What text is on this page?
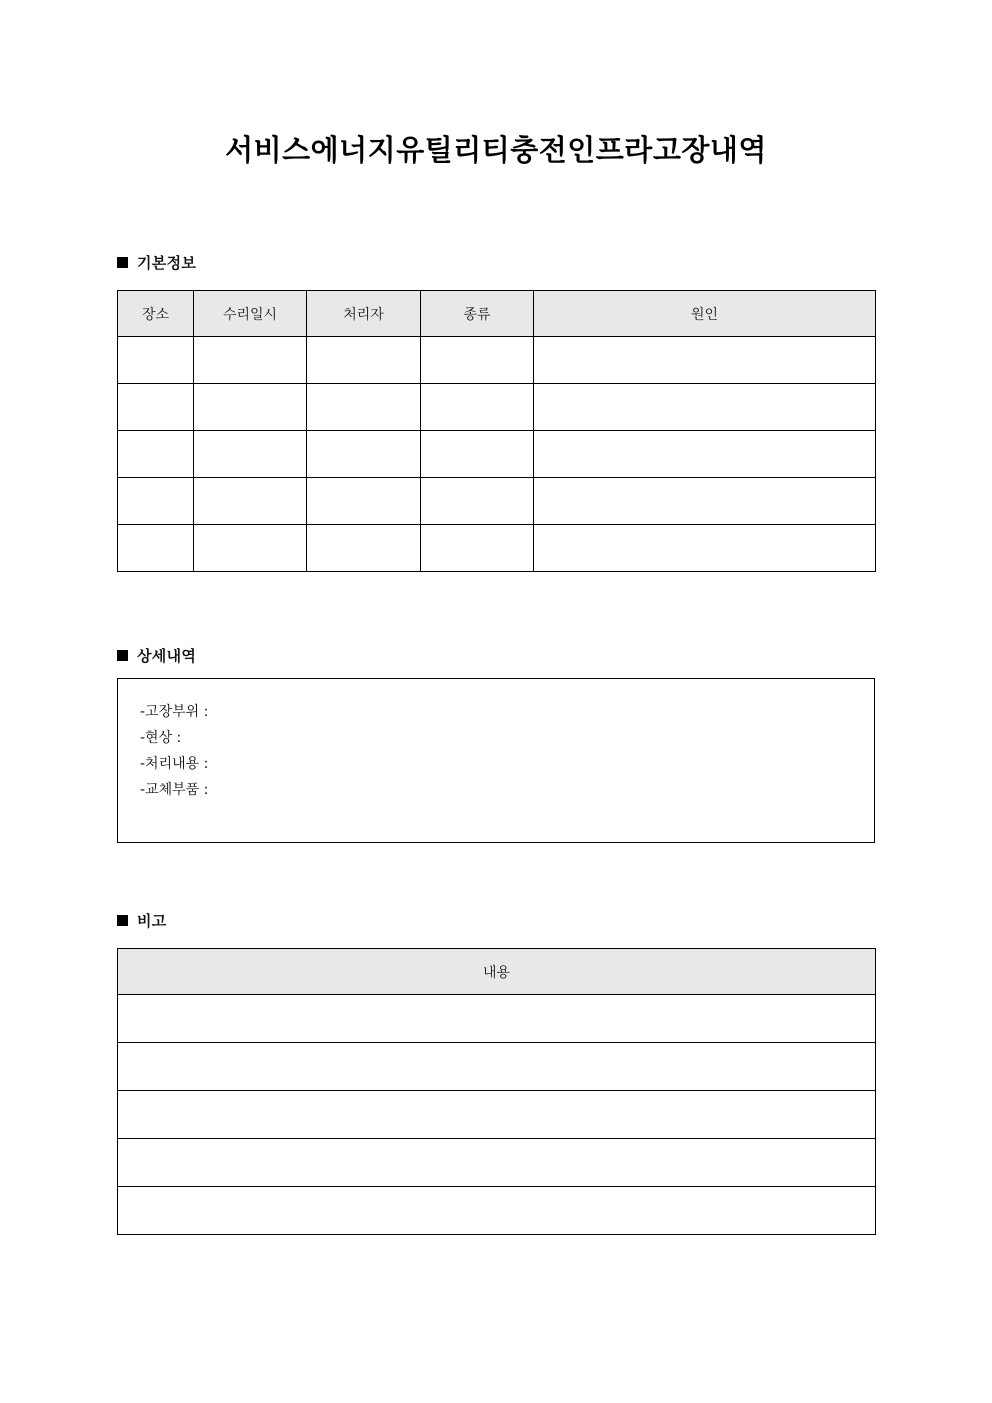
서비스에너지유틸리티충전인프라고장내역
기본정보
장소	수리일시	처리자	종류	원인

상세내역
-고장부위 :
-현상 :
-처리내용 :
-교체부품 :
비고
내용
